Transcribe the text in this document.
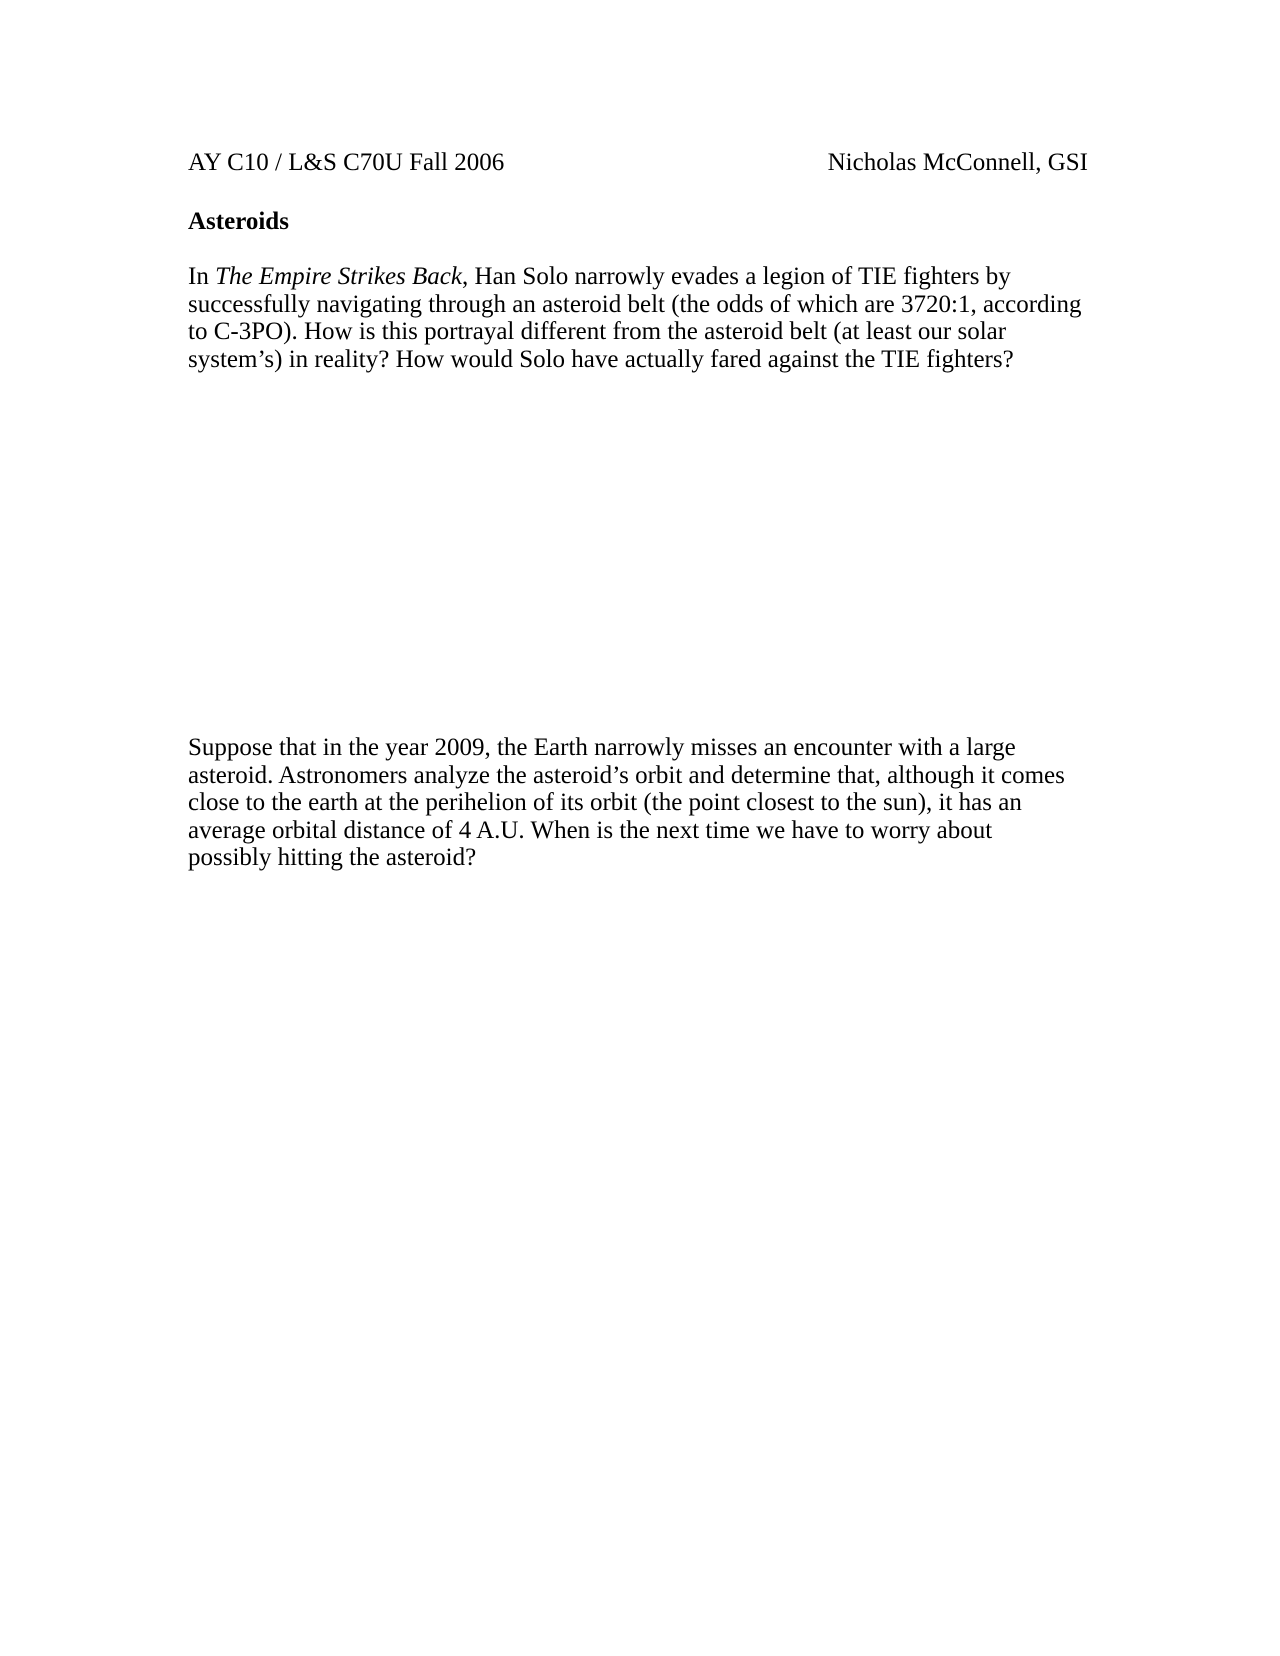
AY C10 / L&S C70U Fall 2006	Nicholas McConnell, GSI
Asteroids

In The Empire Strikes Back, Han Solo narrowly evades a legion of TIE fighters by
successfully navigating through an asteroid belt (the odds of which are 3720:1, according
to C-3PO). How is this portrayal different from the asteroid belt (at least our solar
system’s) in reality? How would Solo have actually fared against the TIE fighters?

Suppose that in the year 2009, the Earth narrowly misses an encounter with a large
asteroid. Astronomers analyze the asteroid’s orbit and determine that, although it comes
close to the earth at the perihelion of its orbit (the point closest to the sun), it has an
average orbital distance of 4 A.U. When is the next time we have to worry about
possibly hitting the asteroid?
